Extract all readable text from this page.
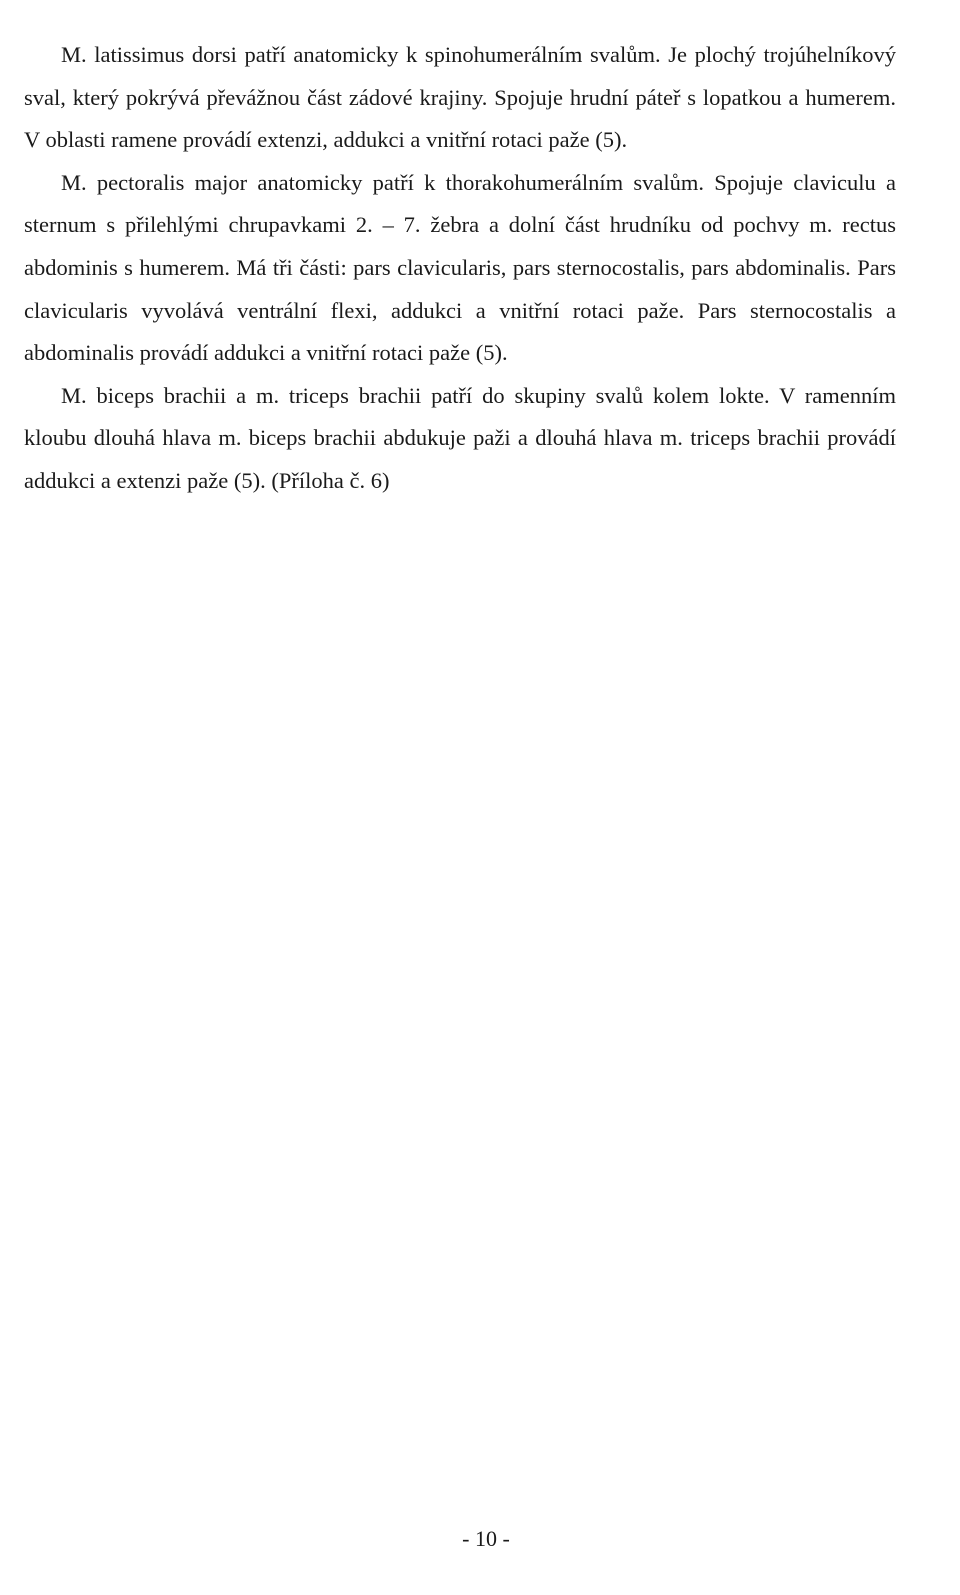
M. latissimus dorsi patří anatomicky k spinohumerálním svalům. Je plochý trojúhelníkový sval, který pokrývá převážnou část zádové krajiny. Spojuje hrudní páteř s lopatkou a humerem. V oblasti ramene provádí extenzi, addukci a vnitřní rotaci paže (5).

M. pectoralis major anatomicky patří k thorakohumerálním svalům. Spojuje claviculu a sternum s přilehlými chrupavkami 2. – 7. žebra a dolní část hrudníku od pochvy m. rectus abdominis s humerem. Má tři části: pars clavicularis, pars sternocostalis, pars abdominalis. Pars clavicularis vyvolává ventrální flexi, addukci a vnitřní rotaci paže. Pars sternocostalis a abdominalis provádí addukci a vnitřní rotaci paže (5).

M. biceps brachii a m. triceps brachii patří do skupiny svalů kolem lokte. V ramenním kloubu dlouhá hlava m. biceps brachii abdukuje paži a dlouhá hlava m. triceps brachii provádí addukci a extenzi paže (5). (Příloha č. 6)

- 10 -
